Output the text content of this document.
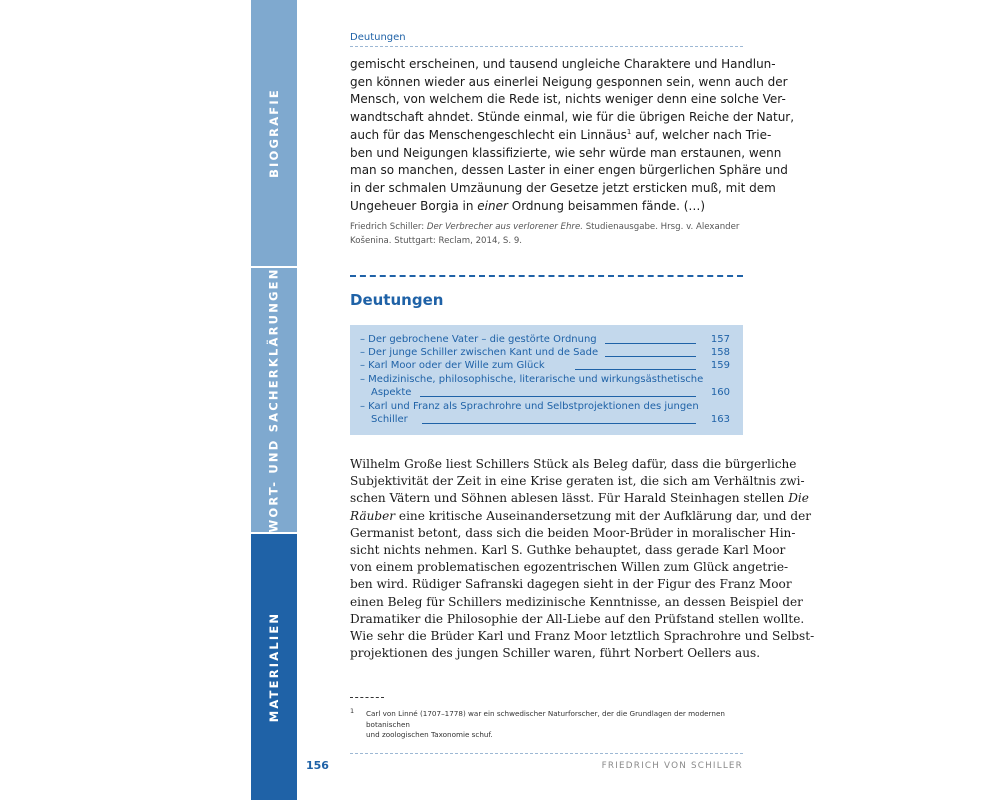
BIOGRAFIE
WORT- UND SACHERKLÄRUNGEN
MATERIALIEN
Deutungen
gemischt erscheinen, und tausend ungleiche Charaktere und Handlun-
gen können wieder aus einerlei Neigung gesponnen sein, wenn auch der
Mensch, von welchem die Rede ist, nichts weniger denn eine solche Ver-
wandtschaft ahndet. Stünde einmal, wie für die übrigen Reiche der Natur,
auch für das Menschengeschlecht ein Linnäus$^1$ auf, welcher nach Trie-
ben und Neigungen klassifizierte, wie sehr würde man erstaunen, wenn
man so manchen, dessen Laster in einer engen bürgerlichen Sphäre und
in der schmalen Umzäunung der Gesetze jetzt ersticken muß, mit dem
Ungeheuer Borgia in einer Ordnung beisammen fände. (…)
Friedrich Schiller: Der Verbrecher aus verlorener Ehre. Studienausgabe. Hrsg. v. Alexander
Košenina. Stuttgart: Reclam, 2014, S. 9.
Deutungen
– Der gebrochene Vater – die gestörte Ordnung	157
– Der junge Schiller zwischen Kant und de Sade	158
– Karl Moor oder der Wille zum Glück	159
– Medizinische, philosophische, literarische und wirkungsästhetische
Aspekte	160
– Karl und Franz als Sprachrohre und Selbstprojektionen des jungen
Schiller	163
Wilhelm Große liest Schillers Stück als Beleg dafür, dass die bürgerliche
Subjektivität der Zeit in eine Krise geraten ist, die sich am Verhältnis zwi-
schen Vätern und Söhnen ablesen lässt. Für Harald Steinhagen stellen Die
Räuber eine kritische Auseinandersetzung mit der Aufklärung dar, und der
Germanist betont, dass sich die beiden Moor-Brüder in moralischer Hin-
sicht nichts nehmen. Karl S. Guthke behauptet, dass gerade Karl Moor
von einem problematischen egozentrischen Willen zum Glück angetrie-
ben wird. Rüdiger Safranski dagegen sieht in der Figur des Franz Moor
einen Beleg für Schillers medizinische Kenntnisse, an dessen Beispiel der
Dramatiker die Philosophie der All-Liebe auf den Prüfstand stellen wollte.
Wie sehr die Brüder Karl und Franz Moor letztlich Sprachrohre und Selbst-
projektionen des jungen Schiller waren, führt Norbert Oellers aus.
1 Carl von Linné (1707–1778) war ein schwedischer Naturforscher, der die Grundlagen der modernen botanischen
und zoologischen Taxonomie schuf.
156	FRIEDRICH VON SCHILLER
